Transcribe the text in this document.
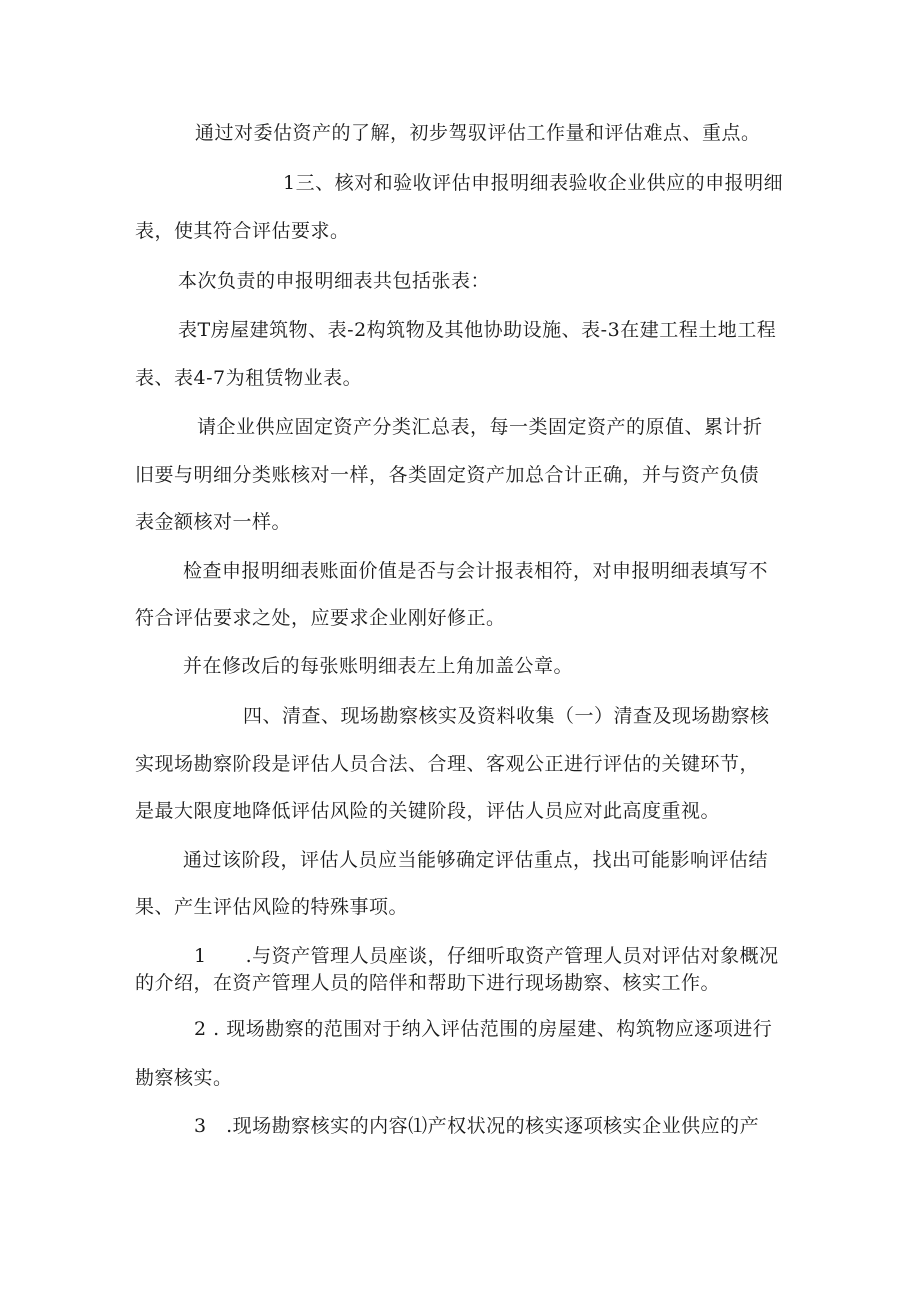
通过对委估资产的了解，初步驾驭评估工作量和评估难点、重点。
1三、核对和验收评估申报明细表验收企业供应的申报明细
表，使其符合评估要求。
本次负责的申报明细表共包括张表：
表T房屋建筑物、表-2构筑物及其他协助设施、表-3在建工程土地工程
表、表4-7为租赁物业表。
请企业供应固定资产分类汇总表，每一类固定资产的原值、累计折
旧要与明细分类账核对一样，各类固定资产加总合计正确，并与资产负债
表金额核对一样。
检查申报明细表账面价值是否与会计报表相符，对申报明细表填写不
符合评估要求之处，应要求企业刚好修正。
并在修改后的每张账明细表左上角加盖公章。
四、清查、现场勘察核实及资料收集（一）清查及现场勘察核
实现场勘察阶段是评估人员合法、合理、客观公正进行评估的关键环节，
是最大限度地降低评估风险的关键阶段，评估人员应对此高度重视。
通过该阶段，评估人员应当能够确定评估重点，找出可能影响评估结
果、产生评估风险的特殊事项。
1　　.与资产管理人员座谈，仔细听取资产管理人员对评估对象概况
的介绍，在资产管理人员的陪伴和帮助下进行现场勘察、核实工作。
2 . 现场勘察的范围对于纳入评估范围的房屋建、构筑物应逐项进行
勘察核实。
3　.现场勘察核实的内容⑴产权状况的核实逐项核实企业供应的产
